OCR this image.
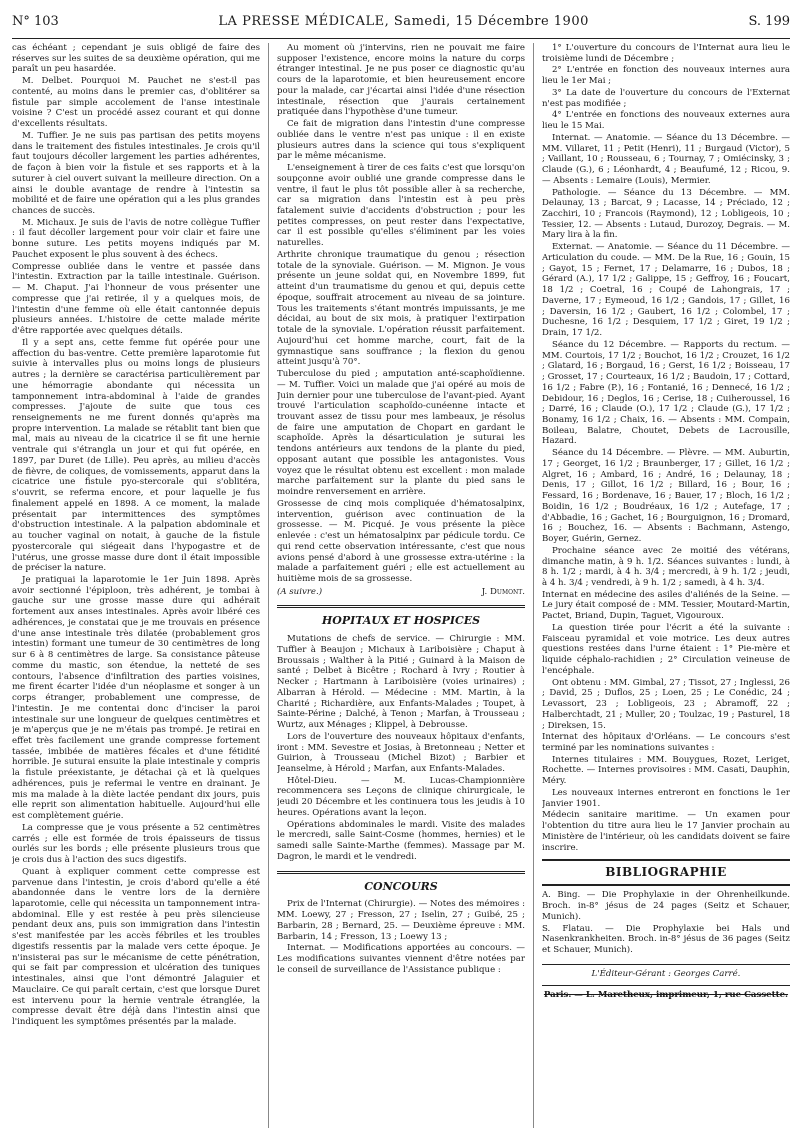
N° 103	LA PRESSE MÉDICALE, Samedi, 15 Décembre 1900	S. 199

cas échéant ; cependant je suis obligé de faire des réserves sur les suites de sa deuxième opération, qui me paraît un peu hasardée.

M. Delbet. Pourquoi M. Pauchet ne s'est-il pas contenté, au moins dans le premier cas, d'oblitérer sa fistule par simple accolement de l'anse intestinale voisine ? C'est un procédé assez courant et qui donne d'excellents résultats.

M. Tuffier. Je ne suis pas partisan des petits moyens dans le traitement des fistules intestinales. Je crois qu'il faut toujours décoller largement les parties adhérentes, de façon à bien voir la fistule et ses rapports et à la suturer à ciel ouvert suivant la meilleure direction. On a ainsi le double avantage de rendre à l'intestin sa mobilité et de faire une opération qui a les plus grandes chances de succès.

M. Michaux. Je suis de l'avis de notre collègue Tuffier : il faut décoller largement pour voir clair et faire une bonne suture. Les petits moyens indiqués par M. Pauchet exposent le plus souvent à des échecs.

Compresse oubliée dans le ventre et passée dans l'intestin. Extraction par la taille intestinale. Guérison. — M. Chaput. J'ai l'honneur de vous présenter une compresse que j'ai retirée, il y a quelques mois, de l'intestin d'une femme où elle était cantonnée depuis plusieurs années. L'histoire de cette malade mérite d'être rapportée avec quelques détails.

Il y a sept ans, cette femme fut opérée pour une affection du bas-ventre. Cette première laparotomie fut suivie à intervalles plus ou moins longs de plusieurs autres ; la dernière se caractérisa particulièrement par une hémorragie abondante qui nécessita un tamponnement intra-abdominal à l'aide de grandes compresses. J'ajoute de suite que tous ces renseignements ne me furent donnés qu'après ma propre intervention. La malade se rétablit tant bien que mal, mais au niveau de la cicatrice il se fit une hernie ventrale qui s'étrangla un jour et qui fut opérée, en 1897, par Duret (de Lille). Peu après, au milieu d'accès de fièvre, de coliques, de vomissements, apparut dans la cicatrice une fistule pyo-stercorale qui s'oblitéra, s'ouvrit, se referma encore, et pour laquelle je fus finalement appelé en 1898. A ce moment, la malade présentait par intermittences des symptômes d'obstruction intestinale. A la palpation abdominale et au toucher vaginal on notait, à gauche de la fistule pyostercorale qui siégeait dans l'hypogastre et de l'utérus, une grosse masse dure dont il était impossible de préciser la nature.

Je pratiquai la laparotomie le 1er Juin 1898. Après avoir sectionné l'épiploon, très adhérent, je tombai à gauche sur une grosse masse dure qui adhérait fortement aux anses intestinales. Après avoir libéré ces adhérences, je constatai que je me trouvais en présence d'une anse intestinale très dilatée (probablement gros intestin) formant une tumeur de 30 centimètres de long sur 6 à 8 centimètres de large. Sa consistance pâteuse comme du mastic, son étendue, la netteté de ses contours, l'absence d'infiltration des parties voisines, me firent écarter l'idée d'un néoplasme et songer à un corps étranger, probablement une compresse, de l'intestin. Je me contentai donc d'inciser la paroi intestinale sur une longueur de quelques centimètres et je m'aperçus que je ne m'étais pas trompé. Je retirai en effet très facilement une grande compresse fortement tassée, imbibée de matières fécales et d'une fétidité horrible. Je suturai ensuite la plaie intestinale y compris la fistule préexistante, je détachai çà et là quelques adhérences, puis je refermai le ventre en drainant. Je mis ma malade à la diète lactée pendant dix jours, puis elle reprit son alimentation habituelle. Aujourd'hui elle est complètement guérie.

La compresse que je vous présente a 52 centimètres carrés ; elle est formée de trois épaisseurs de tissus ourlés sur les bords ; elle présente plusieurs trous que je crois dus à l'action des sucs digestifs.

Quant à expliquer comment cette compresse est parvenue dans l'intestin, je crois d'abord qu'elle a été abandonnée dans le ventre lors de la dernière laparotomie, celle qui nécessita un tamponnement intra-abdominal. Elle y est restée à peu près silencieuse pendant deux ans, puis son immigration dans l'intestin s'est manifestée par les accès fébriles et les troubles digestifs ressentis par la malade vers cette époque. Je n'insisterai pas sur le mécanisme de cette pénétration, qui se fait par compression et ulcération des tuniques intestinales, ainsi que l'ont démontré Jalaguier et Mauclaire. Ce qui paraît certain, c'est que lorsque Duret est intervenu pour la hernie ventrale étranglée, la compresse devait être déjà dans l'intestin ainsi que l'indiquent les symptômes présentés par la malade.

Au moment où j'intervins, rien ne pouvait me faire supposer l'existence, encore moins la nature du corps étranger intestinal. Je ne pus poser ce diagnostic qu'au cours de la laparotomie, et bien heureusement encore pour la malade, car j'écartai ainsi l'idée d'une résection intestinale, résection que j'aurais certainement pratiquée dans l'hypothèse d'une tumeur.

Ce fait de migration dans l'intestin d'une compresse oubliée dans le ventre n'est pas unique : il en existe plusieurs autres dans la science qui tous s'expliquent par le même mécanisme.

L'enseignement à tirer de ces faits c'est que lorsqu'on soupçonne avoir oublié une grande compresse dans le ventre, il faut le plus tôt possible aller à sa recherche, car sa migration dans l'intestin est à peu près fatalement suivie d'accidents d'obstruction ; pour les petites compresses, on peut rester dans l'expectative, car il est possible qu'elles s'éliminent par les voies naturelles.

Arthrite chronique traumatique du genou ; résection totale de la synoviale. Guérison. — M. Mignon. Je vous présente un jeune soldat qui, en Novembre 1899, fut atteint d'un traumatisme du genou et qui, depuis cette époque, souffrait atrocement au niveau de sa jointure. Tous les traitements s'étant montrés impuissants, je me décidai, au bout de six mois, à pratiquer l'extirpation totale de la synoviale. L'opération réussit parfaitement. Aujourd'hui cet homme marche, court, fait de la gymnastique sans souffrance ; la flexion du genou atteint jusqu'à 70°.

Tuberculose du pied ; amputation anté-scaphoïdienne. — M. Tuffier. Voici un malade que j'ai opéré au mois de Juin dernier pour une tuberculose de l'avant-pied. Ayant trouvé l'articulation scaphoïdo-cunéenne intacte et trouvant assez de tissu pour mes lambeaux, je résolus de faire une amputation de Chopart en gardant le scaphoïde. Après la désarticulation je suturai les tendons antérieurs aux tendons de la plante du pied, opposant autant que possible les antagonistes. Vous voyez que le résultat obtenu est excellent : mon malade marche parfaitement sur la plante du pied sans le moindre renversement en arrière.

Grossesse de cinq mois compliquée d'hématosalpinx, intervention, guérison avec continuation de la grossesse. — M. Picqué. Je vous présente la pièce enlevée : c'est un hématosalpinx par pédicule tordu. Ce qui rend cette observation intéressante, c'est que nous avions pensé d'abord à une grossesse extra-utérine : la malade a parfaitement guéri ; elle est actuellement au huitième mois de sa grossesse.

(A suivre.)	J. Dumont.
HOPITAUX ET HOSPICES

Mutations de chefs de service. — Chirurgie : MM. Tuffier à Beaujon ; Michaux à Lariboisière ; Chaput à Broussais ; Walther à la Pitié ; Guinard à la Maison de santé ; Delbet à Bicêtre ; Rochard à Ivry ; Routier à Necker ; Hartmann à Lariboisière (voies urinaires) ; Albarran à Hérold. — Médecine : MM. Martin, à la Charité ; Richardière, aux Enfants-Malades ; Toupet, à Sainte-Périne ; Dalché, à Tenon ; Marfan, à Trousseau ; Wurtz, aux Ménages ; Klippel, à Debrousse.

Lors de l'ouverture des nouveaux hôpitaux d'enfants, iront : MM. Sevestre et Josias, à Bretonneau ; Netter et Guirion, à Trousseau (Michel Bizot) ; Barbier et Jeanselme, à Hérold ; Marfan, aux Enfants-Malades.

Hôtel-Dieu. — M. Lucas-Championnière recommencera ses Leçons de clinique chirurgicale, le jeudi 20 Décembre et les continuera tous les jeudis à 10 heures. Opérations avant la leçon.

Opérations abdominales le mardi. Visite des malades le mercredi, salle Saint-Cosme (hommes, hernies) et le samedi salle Sainte-Marthe (femmes). Massage par M. Dagron, le mardi et le vendredi.

CONCOURS

Prix de l'Internat (Chirurgie). — Notes des mémoires : MM. Loewy, 27 ; Fresson, 27 ; Iselin, 27 ; Guibé, 25 ; Barbarin, 28 ; Bernard, 25. — Deuxième épreuve : MM. Barbarin, 14 ; Fresson, 13 ; Loewy 13 ;

Internat. — Modifications apportées au concours. — Les modifications suivantes viennent d'être notées par le conseil de surveillance de l'Assistance publique :

1° L'ouverture du concours de l'Internat aura lieu le troisième lundi de Décembre ;

2° L'entrée en fonction des nouveaux internes aura lieu le 1er Mai ;

3° La date de l'ouverture du concours de l'Externat n'est pas modifiée ;

4° L'entrée en fonctions des nouveaux externes aura lieu le 15 Mai.

Internat. — Anatomie. — Séance du 13 Décembre. — MM. Villaret, 11 ; Petit (Henri), 11 ; Burgaud (Victor), 5 ; Vaillant, 10 ; Rousseau, 6 ; Tournay, 7 ; Omiécinsky, 3 ; Claude (G.), 6 ; Léonhardt, 4 ; Beaufumé, 12 ; Ricou, 9. — Absents : Lemaire (Louis), Mermier.

Pathologie. — Séance du 13 Décembre. — MM. Delaunay, 13 ; Barcat, 9 ; Lacasse, 14 ; Préciado, 12 ; Zacchiri, 10 ; Francois (Raymond), 12 ; Lobligeois, 10 ; Tessier, 12. — Absents : Lutaud, Durozoy, Degrais. — M. Mary lira à la fin.

Externat. — Anatomie. — Séance du 11 Décembre. — Articulation du coude. — MM. De la Rue, 16 ; Gouin, 15 ; Gayot, 15 ; Fernet, 17 ; Delamarre, 16 ; Dubos, 18 ; Gérard (A.), 17 1/2 ; Galippe, 15 ; Geffroy, 16 ; Foucart, 18 1/2 ; Coetral, 16 ; Coupé de Lahongrais, 17 ; Daverne, 17 ; Eymeoud, 16 1/2 ; Gandois, 17 ; Gillet, 16 ; Daversin, 16 1/2 ; Gaubert, 16 1/2 ; Colombel, 17 ; Duchesne, 16 1/2 ; Desquiem, 17 1/2 ; Giret, 19 1/2 ; Drain, 17 1/2.

Séance du 12 Décembre. — Rapports du rectum. — MM. Courtois, 17 1/2 ; Bouchot, 16 1/2 ; Crouzet, 16 1/2 ; Glatard, 16 ; Borgaud, 16 ; Gerst, 16 1/2 ; Boisseau, 17 ; Grosset, 17 ; Courteaux, 16 1/2 ; Baudoin, 17 ; Cottard, 16 1/2 ; Fabre (P.), 16 ; Fontanié, 16 ; Dennecé, 16 1/2 ; Debidour, 16 ; Deglos, 16 ; Cerise, 18 ; Cuiheroussel, 16 ; Darré, 16 ; Claude (O.), 17 1/2 ; Claude (G.), 17 1/2 ; Bonamy, 16 1/2 ; Chaix, 16. — Absents : MM. Compain, Boileau, Balatre, Choutet, Debets de Lacrousille, Hazard.

Séance du 14 Décembre. — Plèvre. — MM. Auburtin, 17 ; Georget, 16 1/2 ; Braunberger, 17 ; Gillet, 16 1/2 ; Algret, 16 ; Ambard, 16 ; André, 16 ; Delaunay, 18 ; Denis, 17 ; Gillot, 16 1/2 ; Billard, 16 ; Bour, 16 ; Fessard, 16 ; Bordenave, 16 ; Bauer, 17 ; Bloch, 16 1/2 ; Boidin, 16 1/2 ; Boudréaux, 16 1/2 ; Autefage, 17 ; d'Abbadie, 16 ; Gachet, 16 ; Bourguignon, 16 ; Dromard, 16 ; Bouchez, 16. — Absents : Bachmann, Astengo, Boyer, Guérin, Gernez.

Prochaine séance avec 2e moitié des vétérans, dimanche matin, à 9 h. 1/2. Séances suivantes : lundi, à 8 h. 1/2 ; mardi, à 4 h. 3/4 ; mercredi, à 9 h. 1/2 ; jeudi, à 4 h. 3/4 ; vendredi, à 9 h. 1/2 ; samedi, à 4 h. 3/4.

Internat en médecine des asiles d'aliénés de la Seine. — Le jury était composé de : MM. Tessier, Moutard-Martin, Pactet, Briand, Dupin, Taguet, Vigouroux.

La question tirée pour l'écrit a été la suivante : Faisceau pyramidal et voie motrice. Les deux autres questions restées dans l'urne étaient : 1° Pie-mère et liquide céphalo-rachidien ; 2° Circulation veineuse de l'encéphale.

Ont obtenu : MM. Gimbal, 27 ; Tissot, 27 ; Inglessi, 26 ; David, 25 ; Duflos, 25 ; Loen, 25 ; Le Conédic, 24 ; Levassort, 23 ; Lobligeois, 23 ; Abramoff, 22 ; Halberchtadt, 21 ; Muller, 20 ; Toulzac, 19 ; Pasturel, 18 ; Direksen, 15.

Internat des hôpitaux d'Orléans. — Le concours s'est terminé par les nominations suivantes :

Internes titulaires : MM. Bouygues, Rozet, Leriget, Rochette. — Internes provisoires : MM. Casati, Dauphin, Méry.

Les nouveaux internes entreront en fonctions le 1er Janvier 1901.

Médecin sanitaire maritime. — Un examen pour l'obtention du titre aura lieu le 17 Janvier prochain au Ministère de l'intérieur, où les candidats doivent se faire inscrire.

BIBLIOGRAPHIE

A. Bing. — Die Prophylaxie in der Ohrenheilkunde. Broch. in-8° jésus de 24 pages (Seitz et Schauer, Munich).

S. Flatau. — Die Prophylaxie bei Hals und Nasenkrankheiten. Broch. in-8° jésus de 36 pages (Seitz et Schauer, Munich).

L'Éditeur-Gérant : Georges Carré.
Paris. — L. Maretheux, imprimeur, 1, rue Cassette.
